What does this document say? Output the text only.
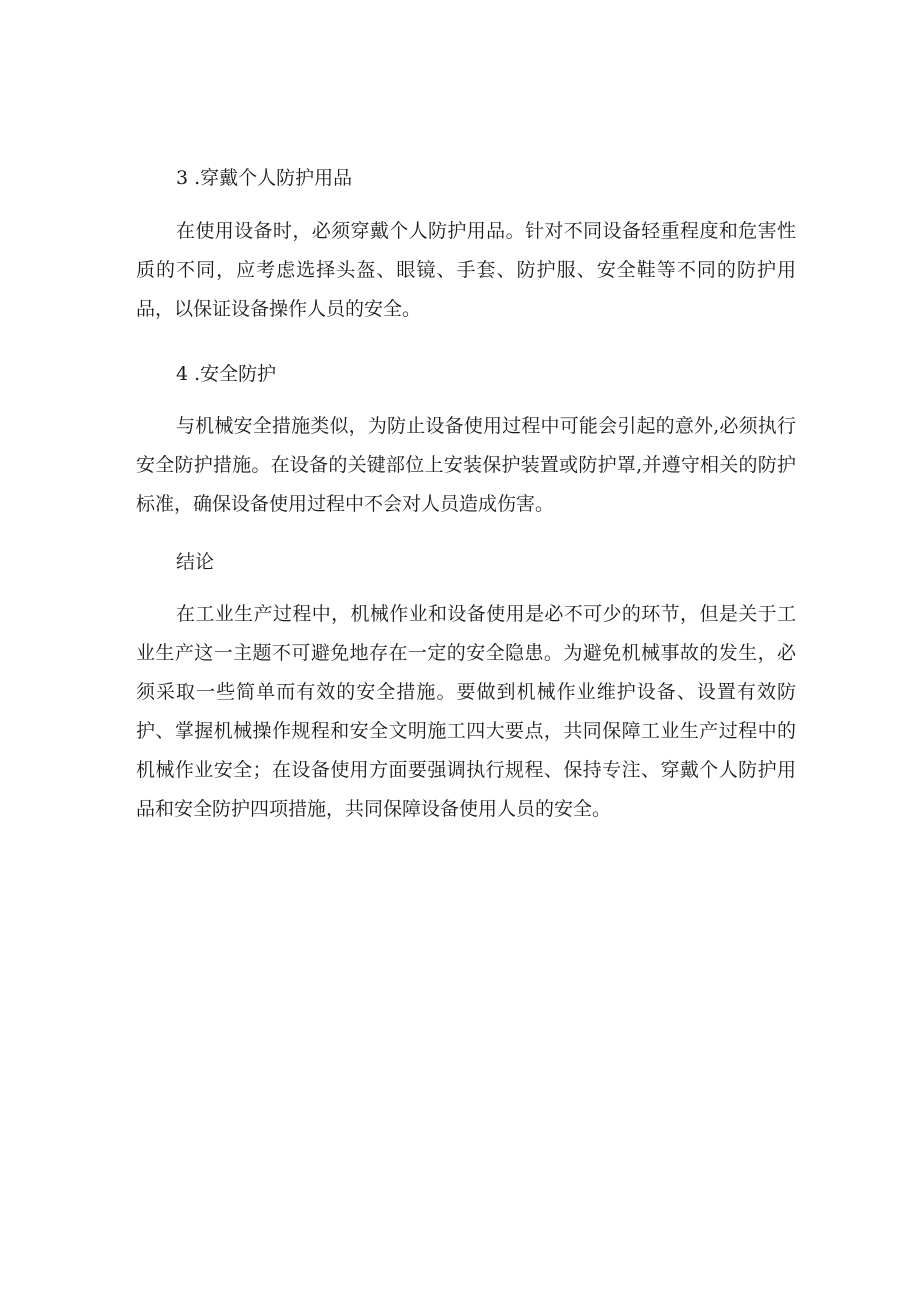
3 .穿戴个人防护用品

在使用设备时，必须穿戴个人防护用品。针对不同设备轻重程度和危害性质的不同，应考虑选择头盔、眼镜、手套、防护服、安全鞋等不同的防护用品，以保证设备操作人员的安全。

4 .安全防护

与机械安全措施类似，为防止设备使用过程中可能会引起的意外,必须执行安全防护措施。在设备的关键部位上安装保护装置或防护罩,并遵守相关的防护标准，确保设备使用过程中不会对人员造成伤害。

结论

在工业生产过程中，机械作业和设备使用是必不可少的环节，但是关于工业生产这一主题不可避免地存在一定的安全隐患。为避免机械事故的发生，必须采取一些简单而有效的安全措施。要做到机械作业维护设备、设置有效防护、掌握机械操作规程和安全文明施工四大要点，共同保障工业生产过程中的机械作业安全；在设备使用方面要强调执行规程、保持专注、穿戴个人防护用品和安全防护四项措施，共同保障设备使用人员的安全。
